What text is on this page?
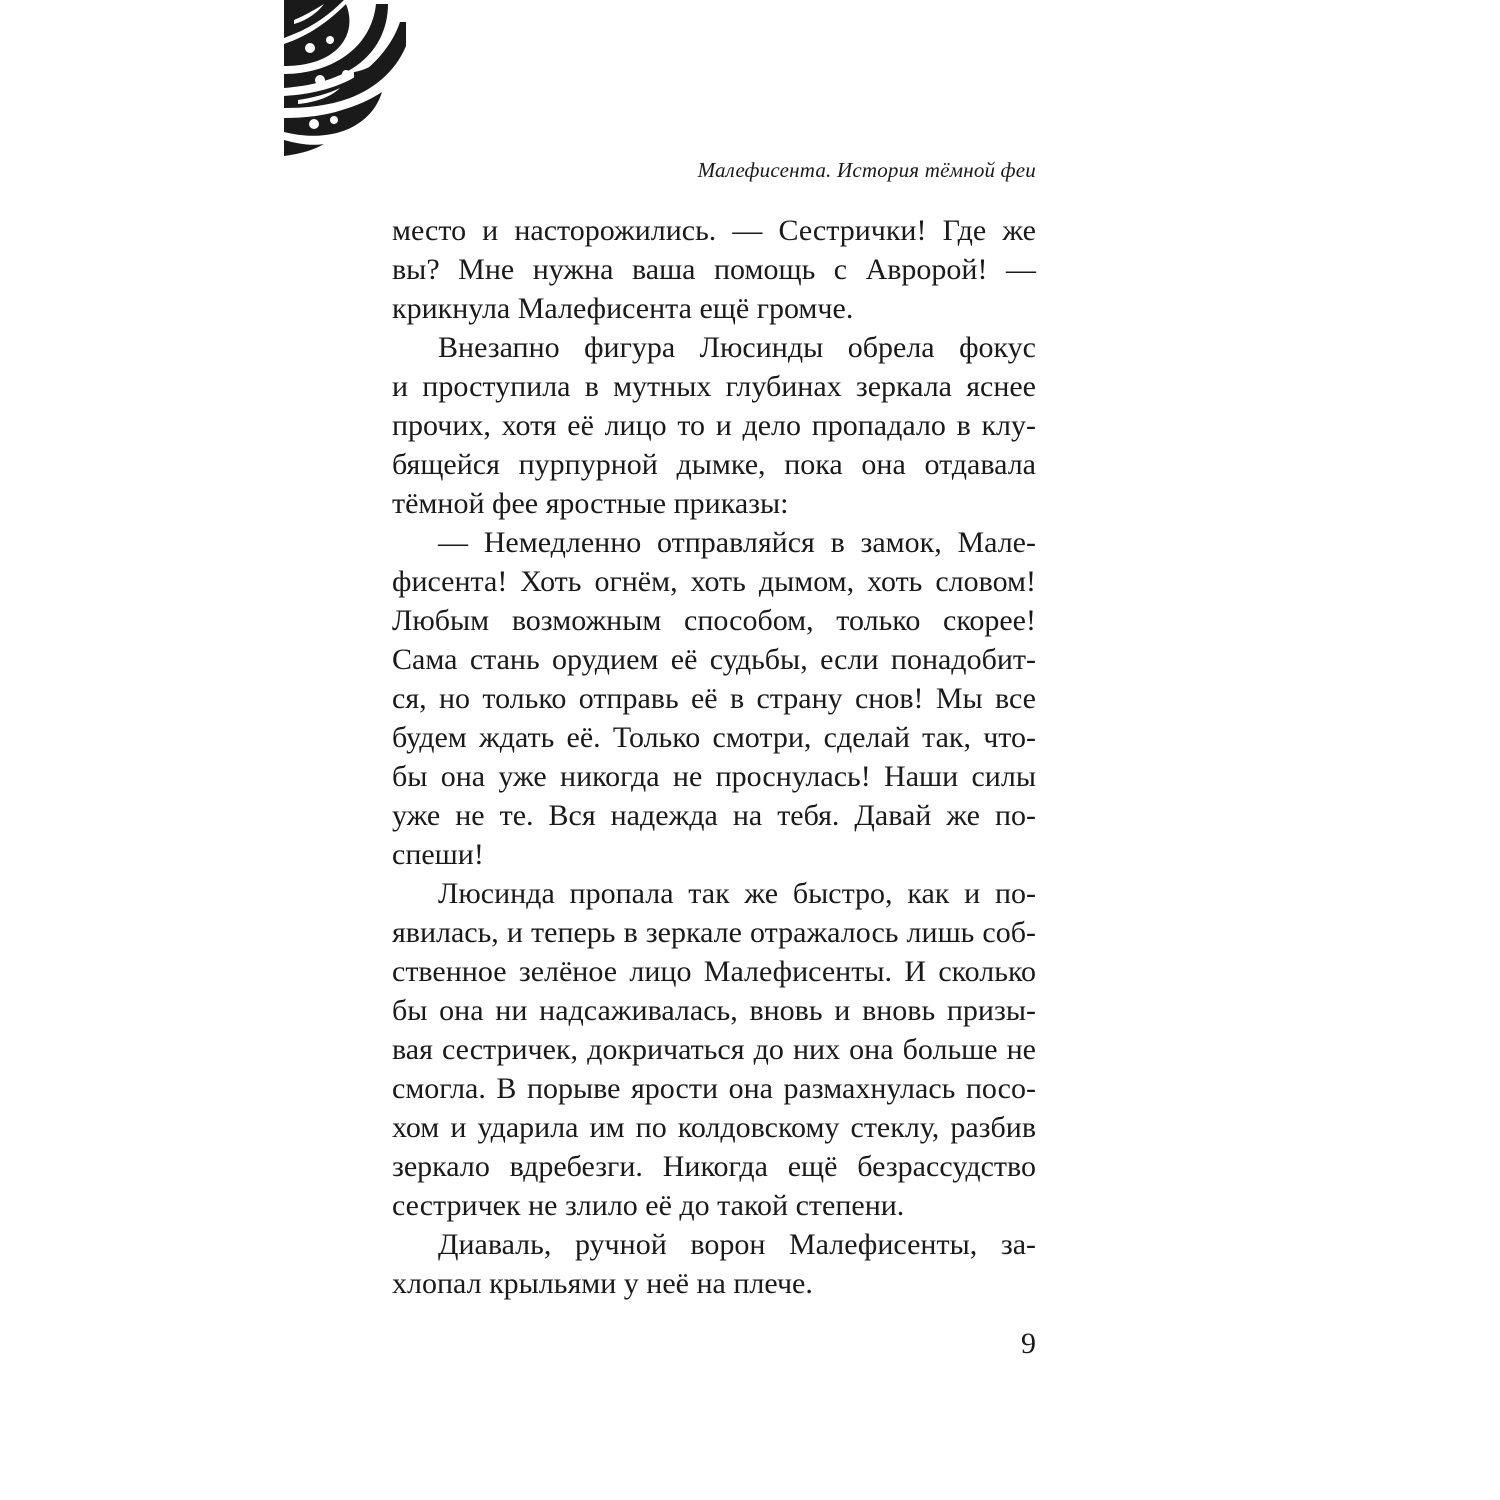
Малефисента. История тёмной феи

место и насторожились. — Сестрички! Где же

вы? Мне нужна ваша помощь с Авророй! —

крикнула Малефисента ещё громче.

Внезапно фигура Люсинды обрела фокус

и проступила в мутных глубинах зеркала яснее

прочих, хотя её лицо то и дело пропадало в клу-

бящейся пурпурной дымке, пока она отдавала

тёмной фее яростные приказы:

— Немедленно отправляйся в замок, Мале-

фисента! Хоть огнём, хоть дымом, хоть словом!

Любым возможным способом, только скорее!

Сама стань орудием её судьбы, если понадобит-

ся, но только отправь её в страну снов! Мы все

будем ждать её. Только смотри, сделай так, что-

бы она уже никогда не проснулась! Наши силы

уже не те. Вся надежда на тебя. Давай же по-

спеши!

Люсинда пропала так же быстро, как и по-

явилась, и теперь в зеркале отражалось лишь соб-

ственное зелёное лицо Малефисенты. И сколько

бы она ни надсаживалась, вновь и вновь призы-

вая сестричек, докричаться до них она больше не

смогла. В порыве ярости она размахнулась посо-

хом и ударила им по колдовскому стеклу, разбив

зеркало вдребезги. Никогда ещё безрассудство

сестричек не злило её до такой степени.

Диаваль, ручной ворон Малефисенты, за-

хлопал крыльями у неё на плече.

9
